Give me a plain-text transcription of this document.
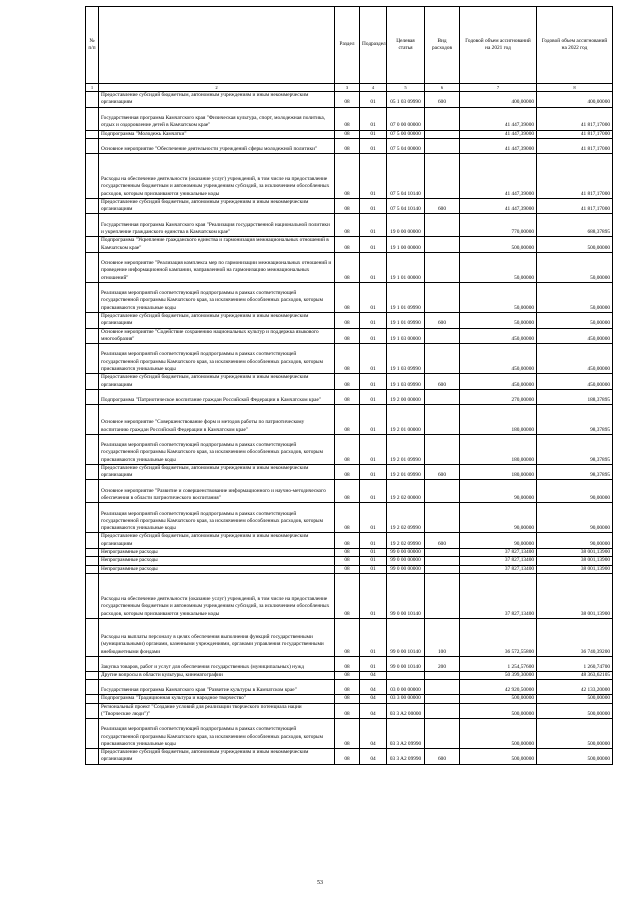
№ п/п		Раздел	Подраздел	Целевая статья	Вид расходов	Годовой объем ассигнований на 2021 год	Годовой объем ассигнований на 2022 год
1	2	3	4	5	6	7	8
	Предоставление субсидий бюджетным, автономным учреждениям и иным некоммерческим организациям	08	01	05 1 03 09990	600	400,00000	400,00000
	Государственная программа Камчатского края "Физическая культура, спорт, молодежная политика, отдых и оздоровление детей в Камчатском крае"	08	01	07 0 00 00000		41 447,39000	41 817,17000
	Подпрограмма "Молодежь Камчатки"	08	01	07 5 00 00000		41 447,39000	41 817,17000
	Основное мероприятие "Обеспечение деятельности учреждений сферы молодежной политики"	08	01	07 5 04 00000		41 447,39000	41 817,17000
	Расходы на обеспечение деятельности (оказание услуг) учреждений, в том числе на предоставление государственным бюджетным и автономным учреждениям субсидий, за исключением обособленных расходов, которым присваиваются уникальные коды	08	01	07 5 04 10140		41 447,39000	41 817,17000
	Предоставление субсидий бюджетным, автономным учреждениям и иным некоммерческим организациям	08	01	07 5 04 10140	600	41 447,39000	41 817,17000
	Государственная программа Камчатского края "Реализация государственной национальной политики и укрепление гражданского единства в Камчатском крае"	08	01	19 0 00 00000		770,00000	688,37895
	Подпрограмма "Укрепление гражданского единства и гармонизация межнациональных отношений в Камчатском крае"	08	01	19 1 00 00000		500,00000	500,00000
	Основное мероприятие "Реализация комплекса мер по гармонизации межнациональных отношений и проведение информационной кампании, направленной на гармонизацию межнациональных отношений"	08	01	19 1 01 00000		50,00000	50,00000
	Реализация мероприятий соответствующей подпрограммы в рамках соответствующей государственной программы Камчатского края, за исключением обособленных расходов, которым присваиваются уникальные коды	08	01	19 1 01 09990		50,00000	50,00000
	Предоставление субсидий бюджетным, автономным учреждениям и иным некоммерческим организациям	08	01	19 1 01 09990	600	50,00000	50,00000
	Основное мероприятие "Содействие сохранению национальных культур и поддержка языкового многообразия"	08	01	19 1 03 00000		450,00000	450,00000
	Реализация мероприятий соответствующей подпрограммы в рамках соответствующей государственной программы Камчатского края, за исключением обособленных расходов, которым присваиваются уникальные коды	08	01	19 1 03 09990		450,00000	450,00000
	Предоставление субсидий бюджетным, автономным учреждениям и иным некоммерческим организациям	08	01	19 1 03 09990	600	450,00000	450,00000
	Подпрограмма "Патриотическое воспитание граждан Российской Федерации в Камчатском крае"	08	01	19 2 00 00000		270,00000	188,37895
	Основное мероприятие "Совершенствование форм и методов работы по патриотическому воспитанию граждан Российской Федерации в Камчатском крае"	08	01	19 2 01 00000		180,00000	98,37895
	Реализация мероприятий соответствующей подпрограммы в рамках соответствующей государственной программы Камчатского края, за исключением обособленных расходов, которым присваиваются уникальные коды	08	01	19 2 01 09990		180,00000	98,37895
	Предоставление субсидий бюджетным, автономным учреждениям и иным некоммерческим организациям	08	01	19 2 01 09990	600	180,00000	98,37895
	Основное мероприятие "Развитие и совершенствование информационного и научно-методического обеспечения в области патриотического воспитания"	08	01	19 2 02 00000		90,00000	90,00000
	Реализация мероприятий соответствующей подпрограммы в рамках соответствующей государственной программы Камчатского края, за исключением обособленных расходов, которым присваиваются уникальные коды	08	01	19 2 02 09990		90,00000	90,00000
	Предоставление субсидий бюджетным, автономным учреждениям и иным некоммерческим организациям	08	01	19 2 02 09990	600	90,00000	90,00000
	Непрограммные расходы	08	01	99 0 00 00000		37 827,13400	38 001,13900
	Непрограммные расходы	08	01	99 0 00 00000		37 827,13400	38 001,13900
	Непрограммные расходы	08	01	99 0 00 00000		37 827,13400	38 001,13900
	Расходы на обеспечение деятельности (оказание услуг) учреждений, в том числе на предоставление государственным бюджетным и автономным учреждениям субсидий, за исключением обособленных расходов, которым присваиваются уникальные коды	08	01	99 0 00 10140		37 827,13400	38 001,13900
	Расходы на выплаты персоналу в целях обеспечения выполнения функций государственными (муниципальными) органами, казенными учреждениями, органами управления государственными внебюджетными фондами	08	01	99 0 00 10140	100	36 572,55800	36 740,39200
	Закупка товаров, работ и услуг для обеспечения государственных (муниципальных) нужд	08	01	99 0 00 10140	200	1 254,57600	1 260,74700
	Другие вопросы в области культуры, кинематографии	08	04			50 399,30000	48 363,62105
	Государственная программа Камчатского края "Развитие культуры в Камчатском крае"	08	04	03 0 00 00000		42 920,50000	42 133,20000
	Подпрограмма "Традиционная культура и народное творчество"	08	04	03 3 00 00000		500,00000	500,00000
	Региональный проект "Создание условий для реализации творческого потенциала нации ("Творческие люди")"	08	04	03 3 A2 00000		500,00000	500,00000
	Реализация мероприятий соответствующей подпрограммы в рамках соответствующей государственной программы Камчатского края, за исключением обособленных расходов, которым присваиваются уникальные коды	08	04	03 3 A2 09990		500,00000	500,00000
	Предоставление субсидий бюджетным, автономным учреждениям и иным некоммерческим организациям	08	04	03 3 A2 09990	600	500,00000	500,00000
53
